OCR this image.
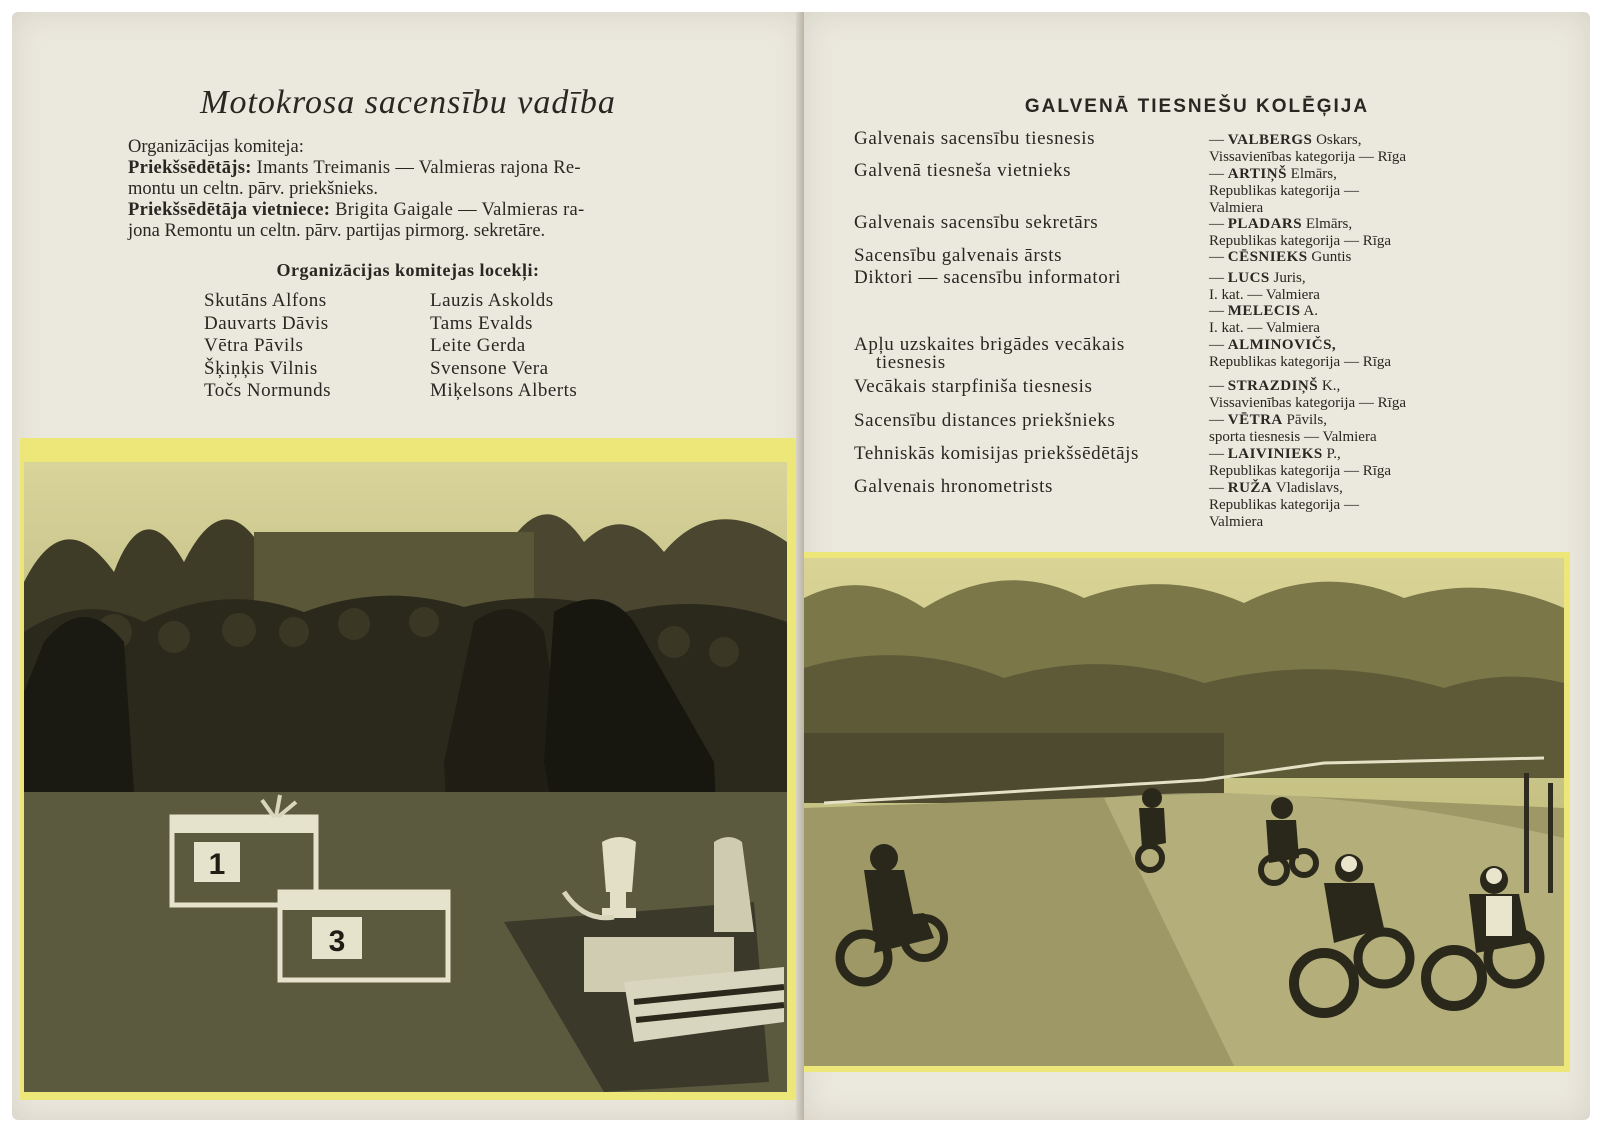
Motokrosa sacensību vadība
Organizācijas komiteja:
Priekšsēdētājs: Imants Treimanis — Valmieras rajona Re-
montu un celtn. pārv. priekšnieks.
Priekšsēdētāja vietniece: Brigita Gaigale — Valmieras ra-
jona Remontu un celtn. pārv. partijas pirmorg. sekretāre.
Organizācijas komitejas locekļi:
Skutāns Alfons
Dauvarts Dāvis
Vētra Pāvils
Šķiņķis Vilnis
Točs Normunds
Lauzis Askolds
Tams Evalds
Leite Gerda
Svensone Vera
Miķelsons Alberts
1
3
GALVENĀ TIESNEŠU KOLĒĢIJA
Galvenais sacensību tiesnesis
Galvenā tiesneša vietnieks
Galvenais sacensību sekretārs
Sacensību galvenais ārsts
Diktori — sacensību informatori
Apļu uzskaites brigādes vecākais
tiesnesis
Vecākais starpfiniša tiesnesis
Sacensību distances priekšnieks
Tehniskās komisijas priekšsēdētājs
Galvenais hronometrists
— VALBERGS Oskars,
Vissavienības kategorija — Rīga
— ARTIŅŠ Elmārs,
Republikas kategorija —
Valmiera
— PLADARS Elmārs,
Republikas kategorija — Rīga
— CĒSNIEKS Guntis
— LUCS Juris,
I. kat. — Valmiera
— MELECIS A.
I. kat. — Valmiera
— ALMINOVIČS,
Republikas kategorija — Rīga
— STRAZDIŅŠ K.,
Vissavienības kategorija — Rīga
— VĒTRA Pāvils,
sporta tiesnesis — Valmiera
— LAIVINIEKS P.,
Republikas kategorija — Rīga
— RUŽA Vladislavs,
Republikas kategorija —
Valmiera
